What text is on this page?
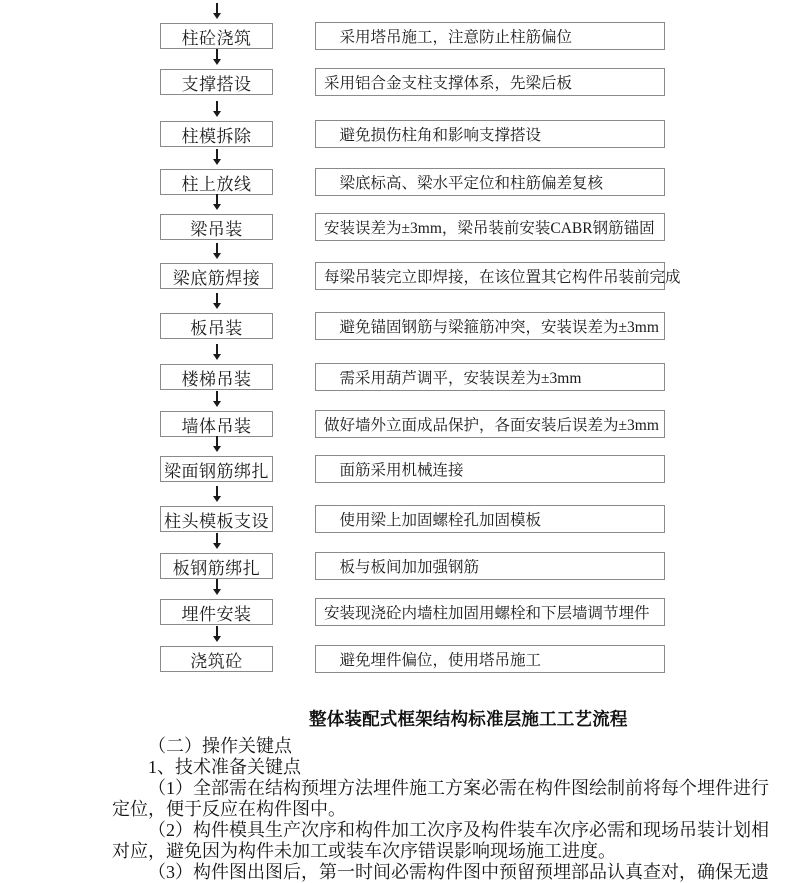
柱砼浇筑	　采用塔吊施工，注意防止柱筋偏位
支撑搭设	采用铝合金支柱支撑体系，先梁后板
柱模拆除	　避免损伤柱角和影响支撑搭设
柱上放线	　梁底标高、梁水平定位和柱筋偏差复核
梁吊装	安装误差为±3mm，梁吊装前安装CABR钢筋锚固
梁底筋焊接	每梁吊装完立即焊接，在该位置其它构件吊装前完成
板吊装	　避免锚固钢筋与梁箍筋冲突，安装误差为±3mm
楼梯吊装	　需采用葫芦调平，安装误差为±3mm
墙体吊装	做好墙外立面成品保护，各面安装后误差为±3mm
梁面钢筋绑扎	　面筋采用机械连接
柱头模板支设	　使用梁上加固螺栓孔加固模板
板钢筋绑扎	　板与板间加加强钢筋
埋件安装	安装现浇砼内墙柱加固用螺栓和下层墙调节埋件
浇筑砼	　避免埋件偏位，使用塔吊施工
整体装配式框架结构标准层施工工艺流程

（二）操作关键点

1、技术准备关键点

（1）全部需在结构预埋方法埋件施工方案必需在构件图绘制前将每个埋件进行定位，便于反应在构件图中。

（2）构件模具生产次序和构件加工次序及构件装车次序必需和现场吊装计划相对应，避免因为构件未加工或装车次序错误影响现场施工进度。

（3）构件图出图后，第一时间必需构件图中预留预埋部品认真查对，确保无遗
